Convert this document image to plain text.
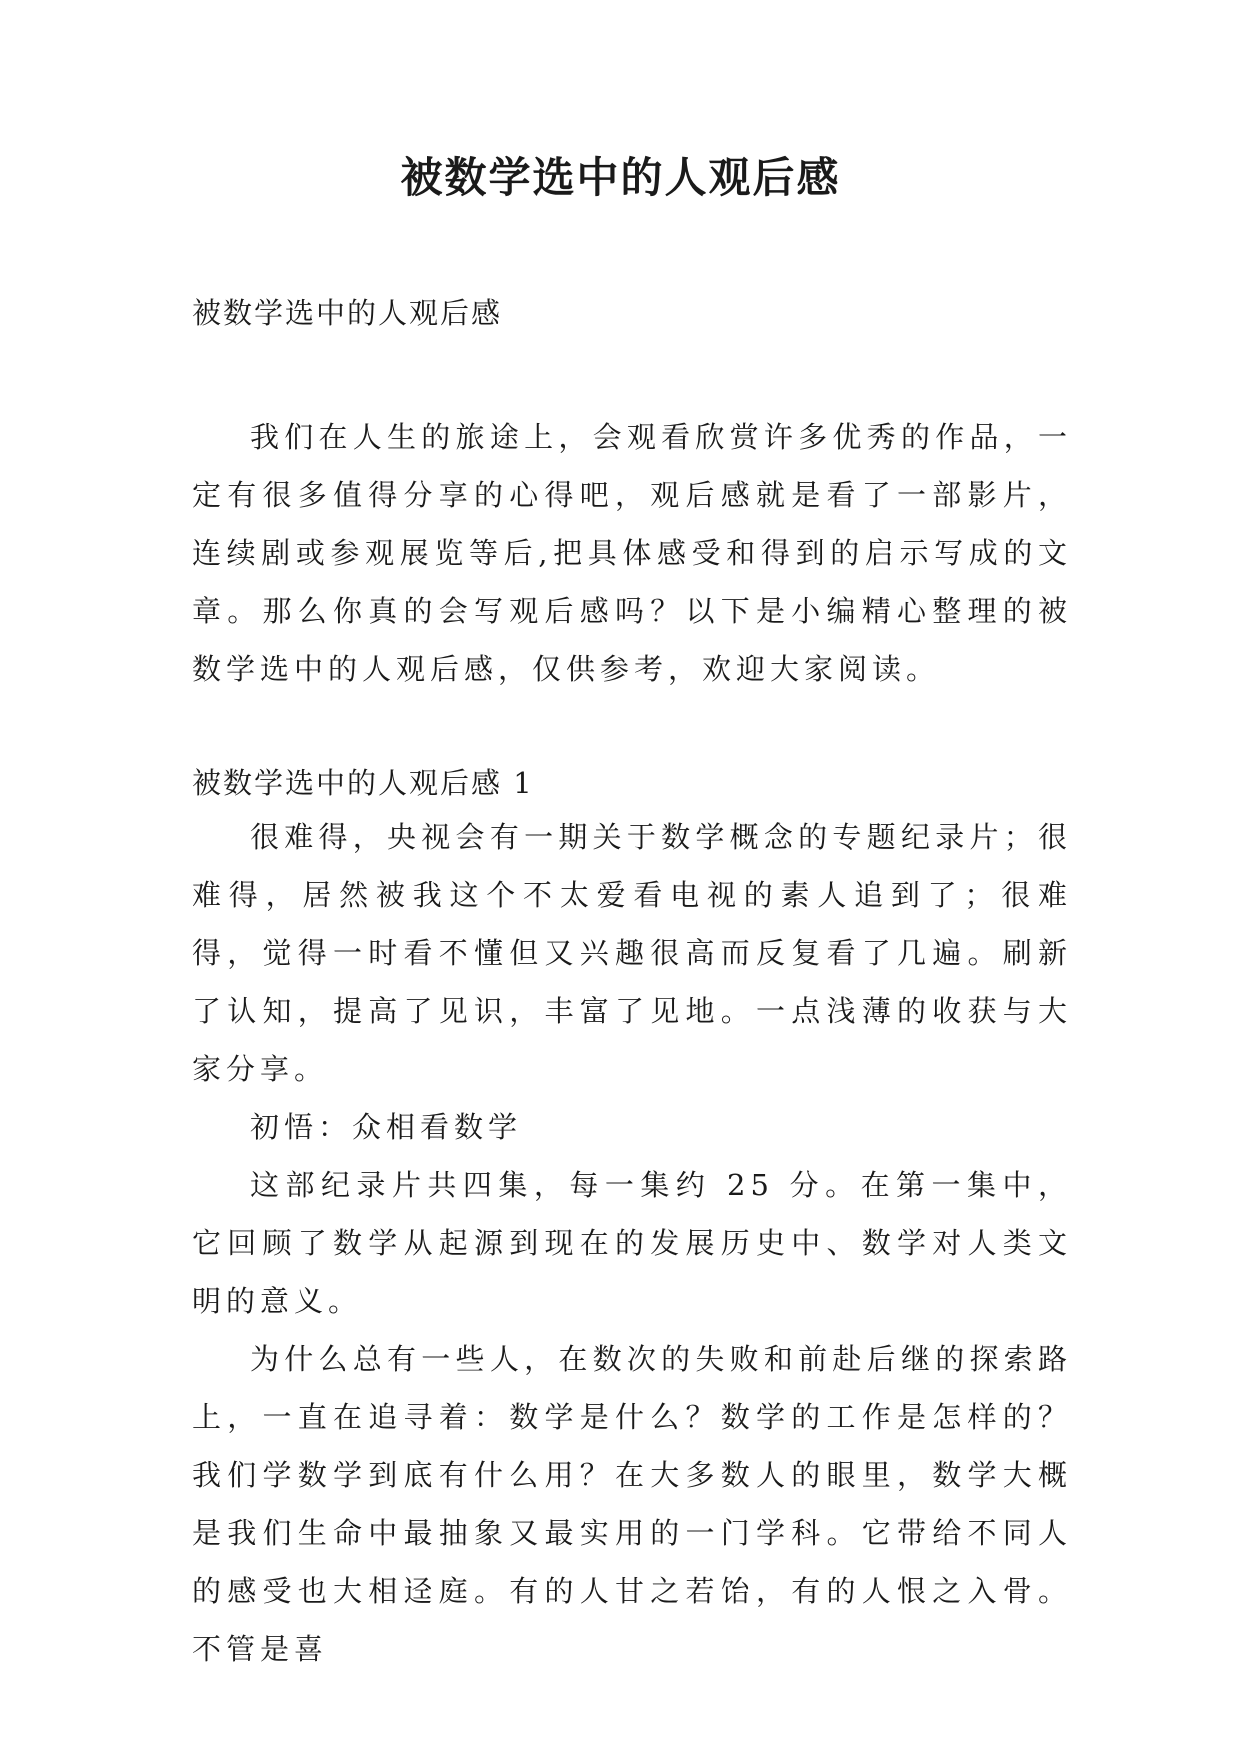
被数学选中的人观后感
被数学选中的人观后感

我们在人生的旅途上，会观看欣赏许多优秀的作品，一定有很多值得分享的心得吧，观后感就是看了一部影片，连续剧或参观展览等后,把具体感受和得到的启示写成的文章。那么你真的会写观后感吗？以下是小编精心整理的被数学选中的人观后感，仅供参考，欢迎大家阅读。

被数学选中的人观后感 1

很难得，央视会有一期关于数学概念的专题纪录片；很难得，居然被我这个不太爱看电视的素人追到了；很难得，觉得一时看不懂但又兴趣很高而反复看了几遍。刷新了认知，提高了见识，丰富了见地。一点浅薄的收获与大家分享。

初悟：众相看数学

这部纪录片共四集，每一集约 25 分。在第一集中，它回顾了数学从起源到现在的发展历史中、数学对人类文明的意义。

为什么总有一些人，在数次的失败和前赴后继的探索路上，一直在追寻着：数学是什么？数学的工作是怎样的？我们学数学到底有什么用？在大多数人的眼里，数学大概是我们生命中最抽象又最实用的一门学科。它带给不同人的感受也大相迳庭。有的人甘之若饴，有的人恨之入骨。不管是喜
